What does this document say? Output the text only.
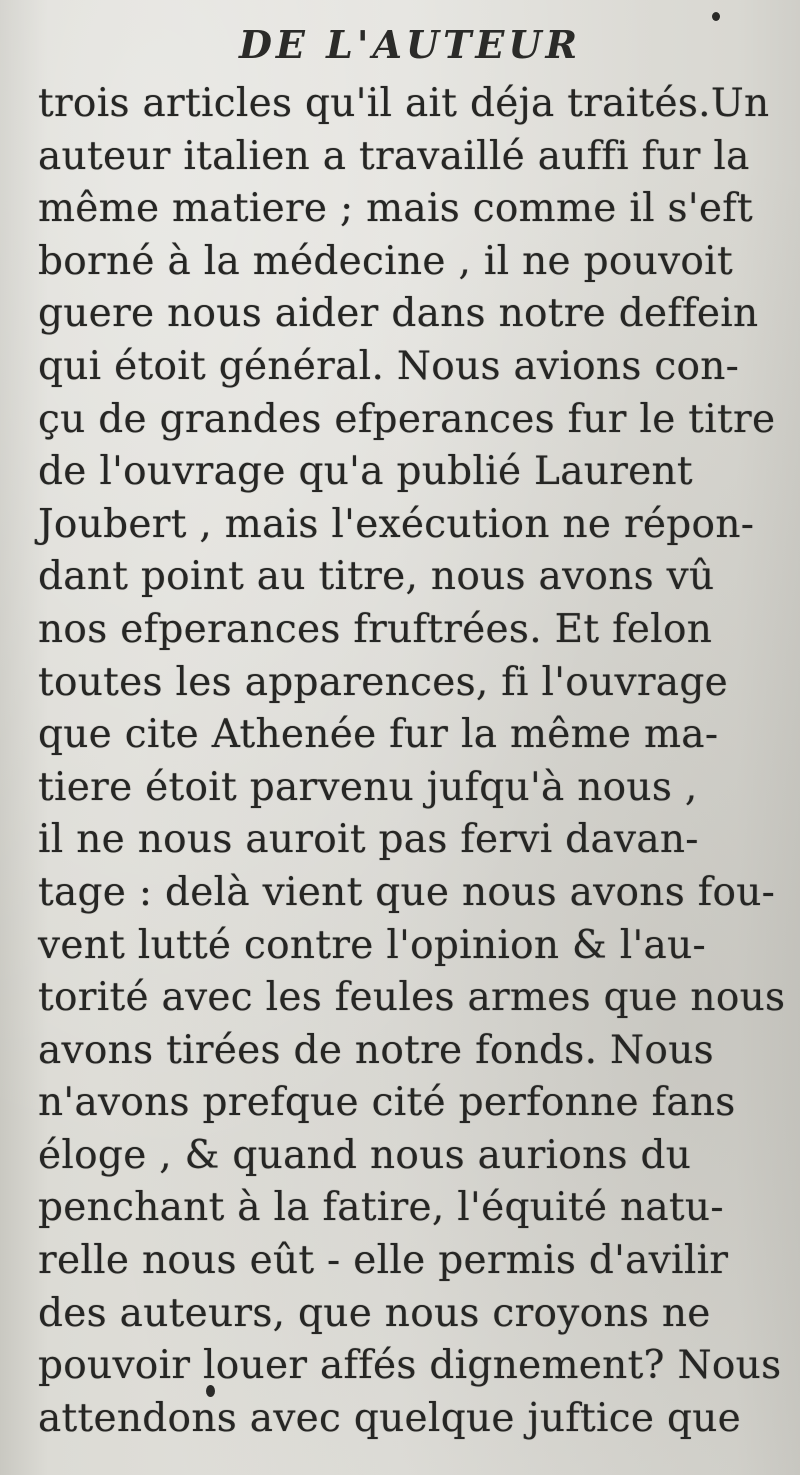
DE L'AUTEUR
trois articles qu'il ait déja traités.Un
auteur italien a travaillé auffi fur la
même matiere ; mais comme il s'eft
borné à la médecine , il ne pouvoit
guere nous aider dans notre deffein
qui étoit général. Nous avions con-
çu de grandes efperances fur le titre
de l'ouvrage qu'a publié Laurent
Joubert , mais l'exécution ne répon-
dant point au titre, nous avons vû
nos efperances fruftrées. Et felon
toutes les apparences, fi l'ouvrage
que cite Athenée fur la même ma-
tiere étoit parvenu jufqu'à nous ,
il ne nous auroit pas fervi davan-
tage : delà vient que nous avons fou-
vent lutté contre l'opinion & l'au-
torité avec les feules armes que nous
avons tirées de notre fonds. Nous
n'avons prefque cité perfonne fans
éloge , & quand nous aurions du
penchant à la fatire, l'équité natu-
relle nous eût - elle permis d'avilir
des auteurs, que nous croyons ne
pouvoir louer affés dignement? Nous
attendons avec quelque juftice que
